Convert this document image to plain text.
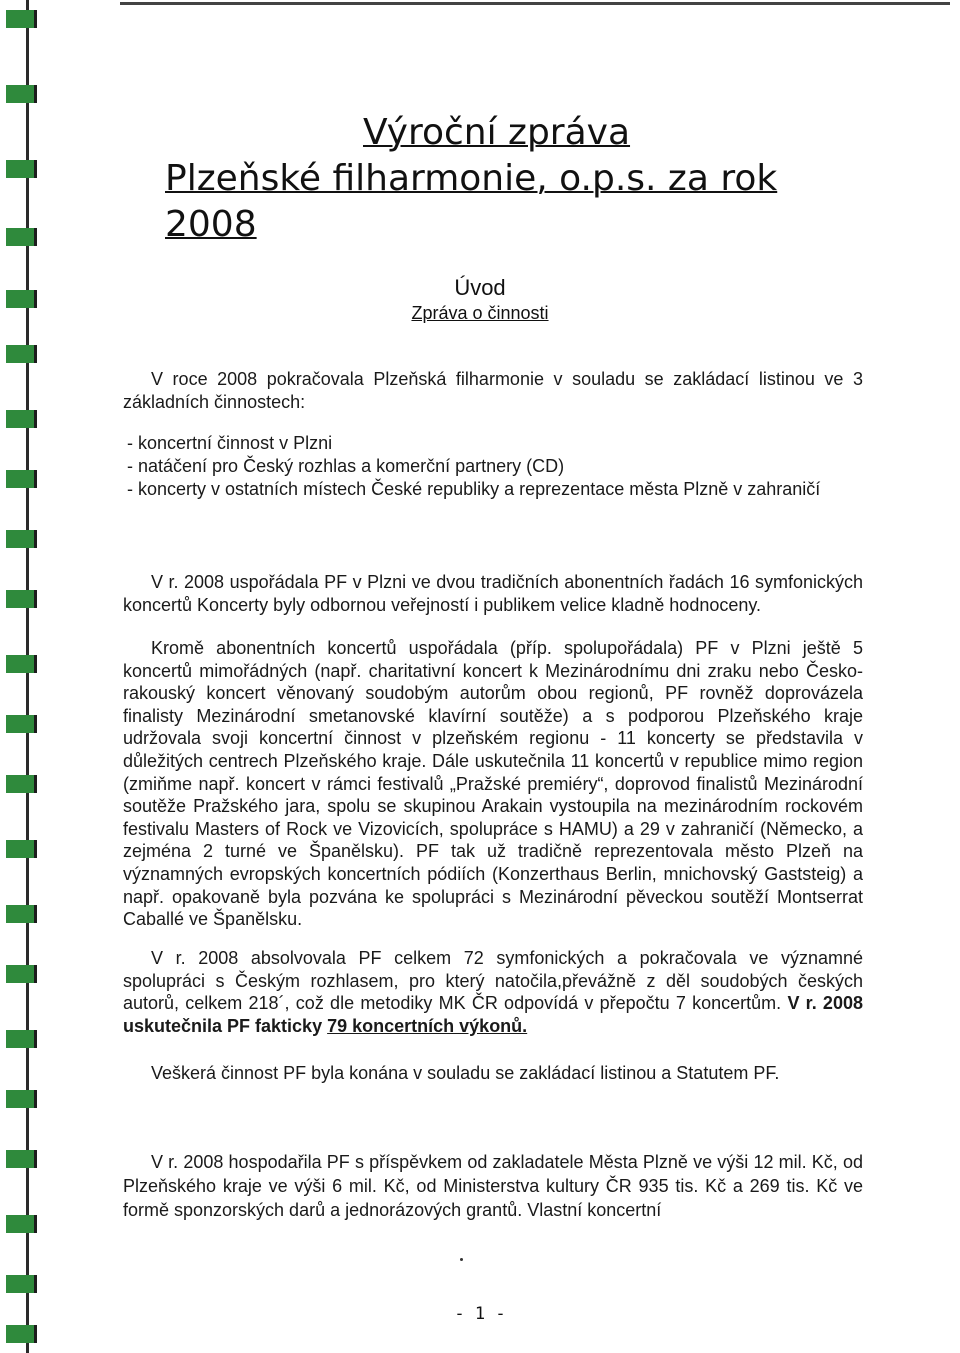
Výroční zpráva
Plzeňské filharmonie, o.p.s. za rok 2008
Úvod
Zpráva o činnosti
V roce 2008 pokračovala Plzeňská filharmonie v souladu se zakládací listinou ve 3 základních činnostech:
- koncertní činnost v Plzni
- natáčení pro Český rozhlas a komerční partnery (CD)
- koncerty v ostatních místech České republiky a reprezentace města Plzně v zahraničí
V r. 2008 uspořádala PF v Plzni ve dvou tradičních abonentních řadách 16 symfonických koncertů Koncerty byly odbornou veřejností i publikem velice kladně hodnoceny.
Kromě abonentních koncertů uspořádala (příp. spolupořádala) PF v Plzni ještě 5 koncertů mimořádných (např. charitativní koncert k Mezinárodnímu dni zraku nebo Česko-rakouský koncert věnovaný soudobým autorům obou regionů, PF rovněž doprovázela finalisty Mezinárodní smetanovské klavírní soutěže) a s podporou Plzeňského kraje udržovala svoji koncertní činnost v plzeňském regionu - 11 koncerty se představila v důležitých centrech Plzeňského kraje. Dále uskutečnila 11 koncertů v republice mimo region (zmiňme např. koncert v rámci festivalů „Pražské premiéry“, doprovod finalistů Mezinárodní soutěže Pražského jara, spolu se skupinou Arakain vystoupila na mezinárodním rockovém festivalu Masters of Rock ve Vizovicích, spolupráce s HAMU) a 29 v zahraničí (Německo, a zejména 2 turné ve Španělsku). PF tak už tradičně reprezentovala město Plzeň na významných evropských koncertních pódiích (Konzerthaus Berlin, mnichovský Gaststeig) a např. opakovaně byla pozvána ke spolupráci s Mezinárodní pěveckou soutěží Montserrat Caballé ve Španělsku.
V r. 2008 absolvovala PF celkem 72 symfonických a pokračovala ve významné spolupráci s Českým rozhlasem, pro který natočila,převážně z děl soudobých českých autorů, celkem 218´, což dle metodiky MK ČR odpovídá v přepočtu 7 koncertům. V r. 2008 uskutečnila PF fakticky 79 koncertních výkonů.
Veškerá činnost PF byla konána v souladu se zakládací listinou a Statutem PF.
V r. 2008 hospodařila PF s příspěvkem od zakladatele Města Plzně ve výši 12 mil. Kč, od Plzeňského kraje ve výši 6 mil. Kč, od Ministerstva kultury ČR 935 tis. Kč a 269 tis. Kč ve formě sponzorských darů a jednorázových grantů. Vlastní koncertní
- 1 -
